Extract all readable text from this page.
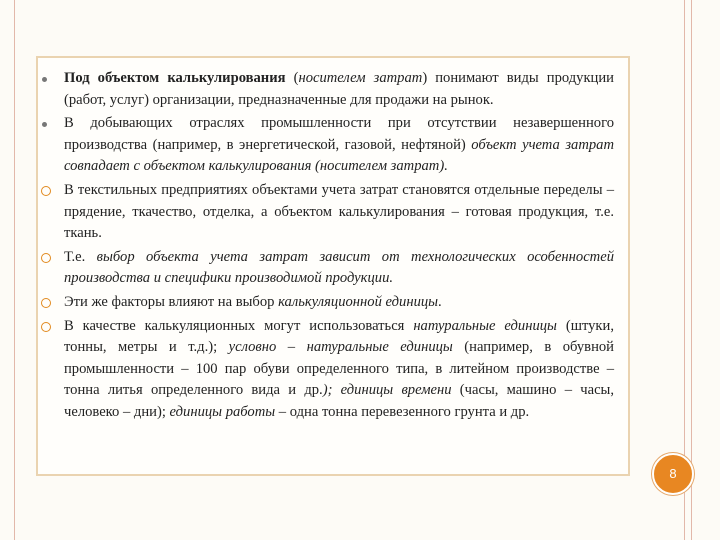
Под объектом калькулирования (носителем затрат) понимают виды продукции (работ, услуг) организации, предназначенные для продажи на рынок.
В добывающих отраслях промышленности при отсутствии незавершенного производства (например, в энергетической, газовой, нефтяной) объект учета затрат совпадает с объектом калькулирования (носителем затрат).
В текстильных предприятиях объектами учета затрат становятся отдельные переделы – прядение, ткачество, отделка, а объектом калькулирования – готовая продукция, т.е. ткань.
Т.е. выбор объекта учета затрат зависит от технологических особенностей производства и специфики производимой продукции.
Эти же факторы влияют на выбор калькуляционной единицы.
В качестве калькуляционных могут использоваться натуральные единицы (штуки, тонны, метры и т.д.); условно – натуральные единицы (например, в обувной промышленности – 100 пар обуви определенного типа, в литейном производстве – тонна литья определенного вида и др.); единицы времени (часы, машино – часы, человеко – дни); единицы работы – одна тонна перевезенного грунта и др.
8
